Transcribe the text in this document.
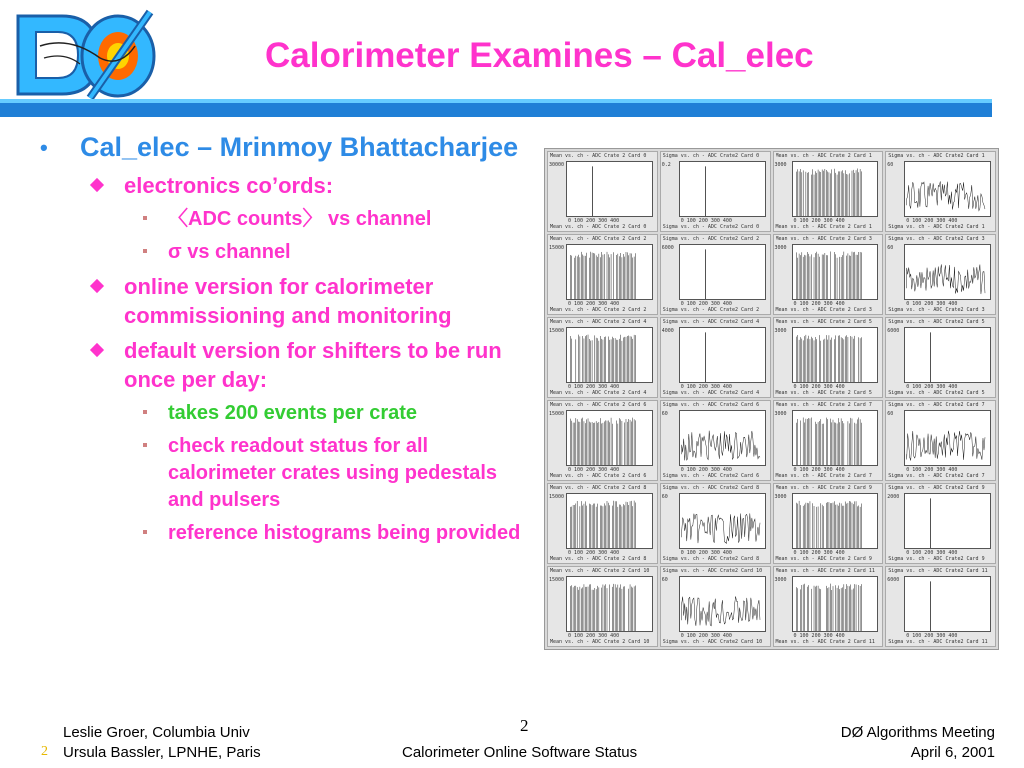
Calorimeter Examines – Cal_elec
• Cal_elec – Mrinmoy Bhattacharjee
electronics co’ords:
〈ADC counts〉 vs channel
σ vs channel
online version for calorimeter commissioning and monitoring
default version for shifters to be run once per day:
takes 200 events per crate
check readout status for all calorimeter crates using pedestals and pulsers
reference histograms being provided
Mean vs. ch - ADC Crate 2 Card 0
30000
0 100 200 300 400
Mean vs. ch - ADC Crate 2 Card 0
Sigma vs. ch - ADC Crate2 Card 0
0.2
0 100 200 300 400
Sigma vs. ch - ADC Crate2 Card 0
Mean vs. ch - ADC Crate 2 Card 1
3000
0 100 200 300 400
Mean vs. ch - ADC Crate 2 Card 1
Sigma vs. ch - ADC Crate2 Card 1
60
0 100 200 300 400
Sigma vs. ch - ADC Crate2 Card 1
Mean vs. ch - ADC Crate 2 Card 2
15000
0 100 200 300 400
Mean vs. ch - ADC Crate 2 Card 2
Sigma vs. ch - ADC Crate2 Card 2
6000
0 100 200 300 400
Sigma vs. ch - ADC Crate2 Card 2
Mean vs. ch - ADC Crate 2 Card 3
3000
0 100 200 300 400
Mean vs. ch - ADC Crate 2 Card 3
Sigma vs. ch - ADC Crate2 Card 3
60
0 100 200 300 400
Sigma vs. ch - ADC Crate2 Card 3
Mean vs. ch - ADC Crate 2 Card 4
15000
0 100 200 300 400
Mean vs. ch - ADC Crate 2 Card 4
Sigma vs. ch - ADC Crate2 Card 4
4000
0 100 200 300 400
Sigma vs. ch - ADC Crate2 Card 4
Mean vs. ch - ADC Crate 2 Card 5
3000
0 100 200 300 400
Mean vs. ch - ADC Crate 2 Card 5
Sigma vs. ch - ADC Crate2 Card 5
6000
0 100 200 300 400
Sigma vs. ch - ADC Crate2 Card 5
Mean vs. ch - ADC Crate 2 Card 6
15000
0 100 200 300 400
Mean vs. ch - ADC Crate 2 Card 6
Sigma vs. ch - ADC Crate2 Card 6
60
0 100 200 300 400
Sigma vs. ch - ADC Crate2 Card 6
Mean vs. ch - ADC Crate 2 Card 7
3000
0 100 200 300 400
Mean vs. ch - ADC Crate 2 Card 7
Sigma vs. ch - ADC Crate2 Card 7
60
0 100 200 300 400
Sigma vs. ch - ADC Crate2 Card 7
Mean vs. ch - ADC Crate 2 Card 8
15000
0 100 200 300 400
Mean vs. ch - ADC Crate 2 Card 8
Sigma vs. ch - ADC Crate2 Card 8
60
0 100 200 300 400
Sigma vs. ch - ADC Crate2 Card 8
Mean vs. ch - ADC Crate 2 Card 9
3000
0 100 200 300 400
Mean vs. ch - ADC Crate 2 Card 9
Sigma vs. ch - ADC Crate2 Card 9
2000
0 100 200 300 400
Sigma vs. ch - ADC Crate2 Card 9
Mean vs. ch - ADC Crate 2 Card 10
15000
0 100 200 300 400
Mean vs. ch - ADC Crate 2 Card 10
Sigma vs. ch - ADC Crate2 Card 10
60
0 100 200 300 400
Sigma vs. ch - ADC Crate2 Card 10
Mean vs. ch - ADC Crate 2 Card 11
3000
0 100 200 300 400
Mean vs. ch - ADC Crate 2 Card 11
Sigma vs. ch - ADC Crate2 Card 11
6000
0 100 200 300 400
Sigma vs. ch - ADC Crate2 Card 11
Leslie Groer, Columbia Univ
Ursula Bassler, LPNHE, Paris
2
Calorimeter Online Software Status
DØ Algorithms Meeting
April 6, 2001
2
